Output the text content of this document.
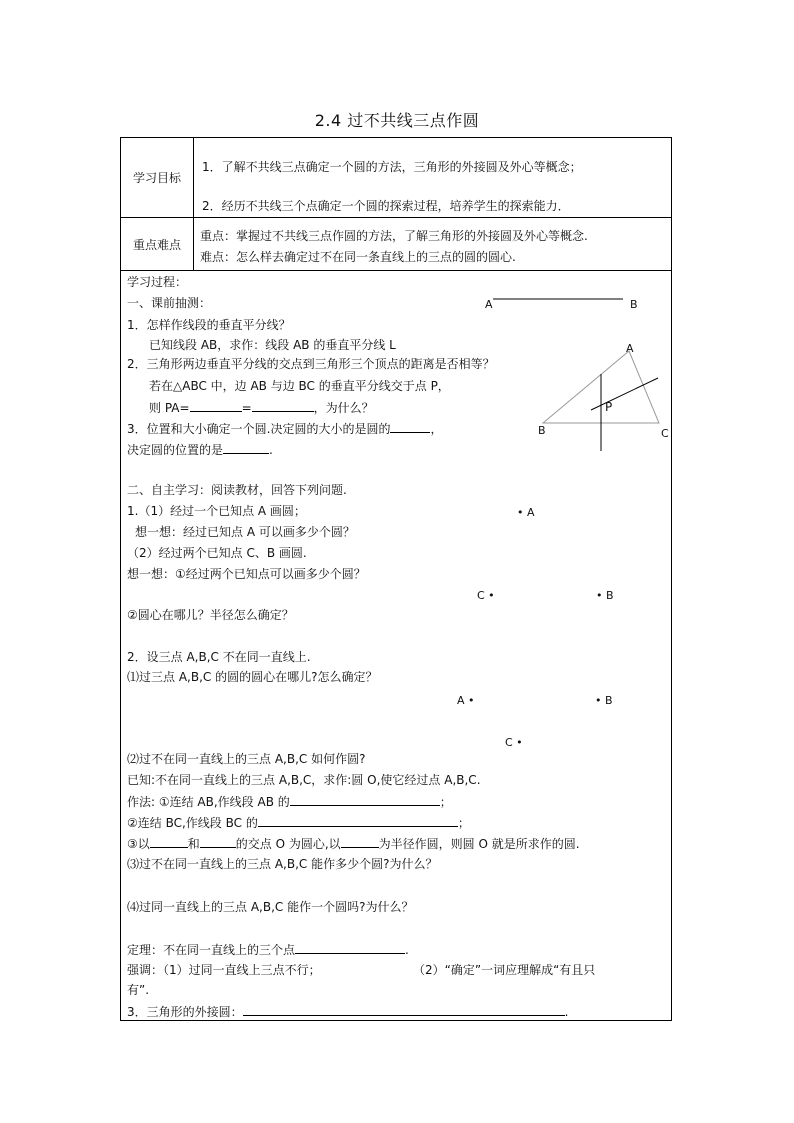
2.4 过不共线三点作圆
学习目标
1．了解不共线三点确定一个圆的方法，三角形的外接圆及外心等概念；
2．经历不共线三个点确定一个圆的探索过程，培养学生的探索能力．
重点难点
重点：掌握过不共线三点作圆的方法，了解三角形的外接圆及外心等概念.
难点：怎么样去确定过不在同一条直线上的三点的圆的圆心.
学习过程：
一、课前抽测：
1．怎样作线段的垂直平分线？
已知线段 AB，求作：线段 AB 的垂直平分线 L
2．三角形两边垂直平分线的交点到三角形三个顶点的距离是否相等？
若在△ABC 中，边 AB 与边 BC 的垂直平分线交于点 P，
则 PA=	=	，为什么？
3．位置和大小确定一个圆.决定圆的大小的是圆的	，
决定圆的位置的是	.
二、自主学习：阅读教材，回答下列问题.
1.（1）经过一个已知点 A 画圆；
想一想：经过已知点 A 可以画多少个圆？
（2）经过两个已知点 C、B 画圆.
想一想：①经过两个已知点可以画多少个圆？
②圆心在哪儿？半径怎么确定？
2．设三点 A,B,C 不在同一直线上.
⑴过三点 A,B,C 的圆的圆心在哪儿?怎么确定？
⑵过不在同一直线上的三点 A,B,C 如何作圆?
已知:不在同一直线上的三点 A,B,C，求作:圆 O,使它经过点 A,B,C.
作法: ①连结 AB,作线段 AB 的	；
②连结 BC,作线段 BC 的	；
③以	和	的交点 O 为圆心,以	为半径作圆，则圆 O 就是所求作的圆.
⑶过不在同一直线上的三点 A,B,C 能作多少个圆?为什么？
⑷过同一直线上的三点 A,B,C 能作一个圆吗?为什么？
定理：不在同一直线上的三个点	.
强调：（1）过同一直线上三点不行；	（2）“确定”一词应理解成“有且只
有”.
3．三角形的外接圆：	.
A	B
A
B	C
P
• A
C •	• B
A •	• B
C •
